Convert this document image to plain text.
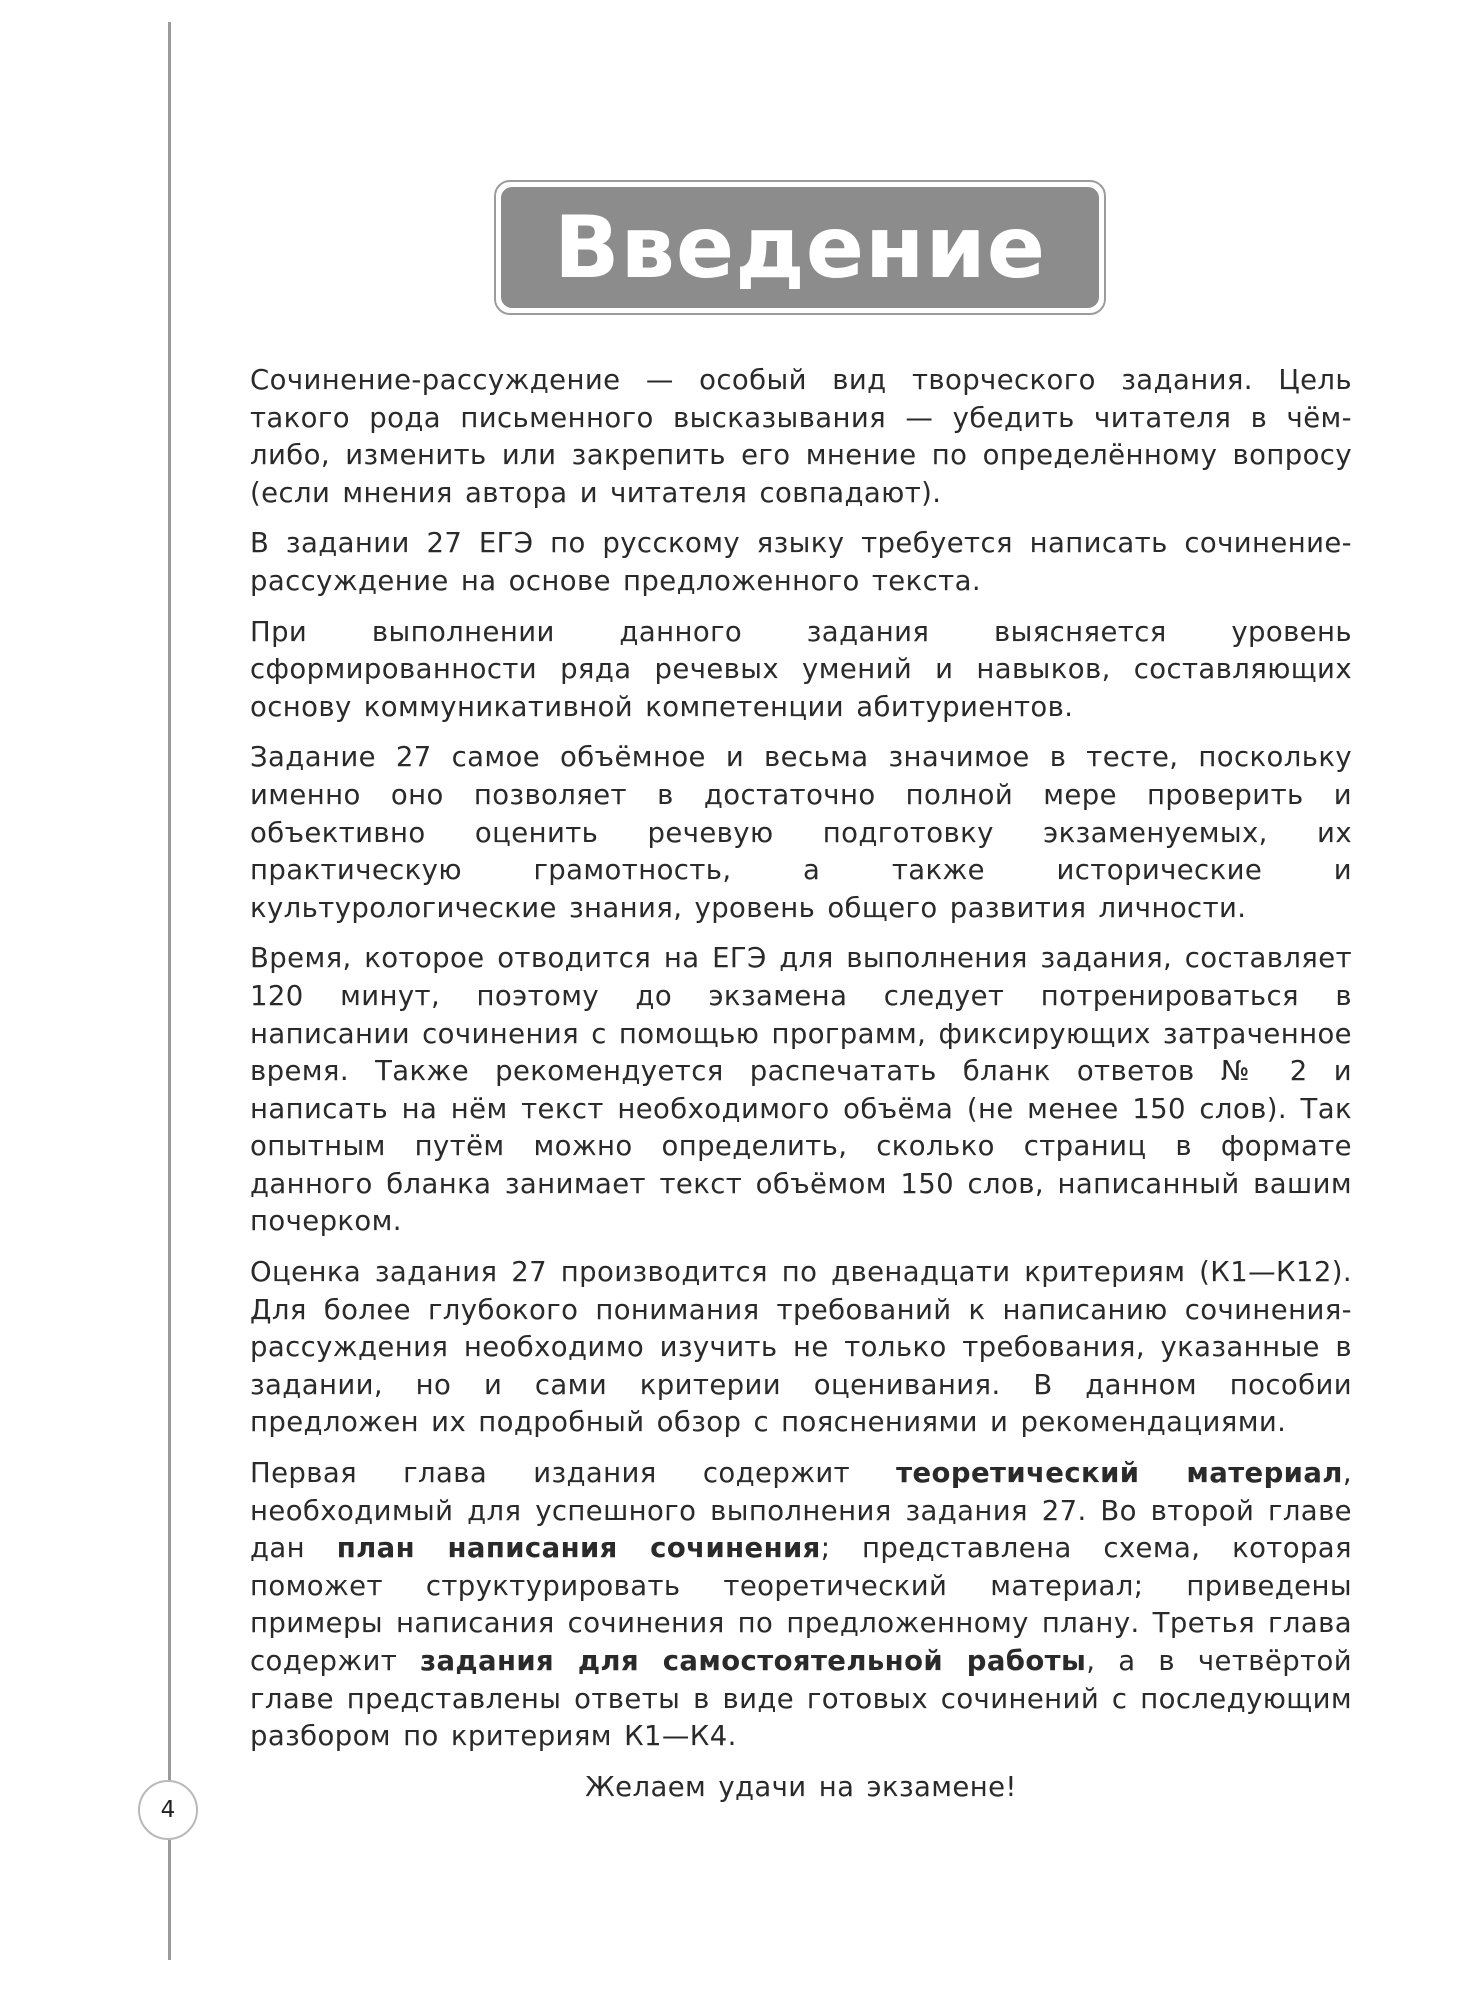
4
Введение

Сочинение-рассуждение — особый вид творческого задания. Цель такого рода письменного высказывания — убедить читателя в чём-либо, изменить или закрепить его мнение по определённому вопросу (если мнения автора и читателя совпадают).

В задании 27 ЕГЭ по русскому языку требуется написать сочинение-рассуждение на основе предложенного текста.

При выполнении данного задания выясняется уровень сформированности ряда речевых умений и навыков, составляющих основу коммуникативной компетенции абитуриентов.

Задание 27 самое объёмное и весьма значимое в тесте, поскольку именно оно позволяет в достаточно полной мере проверить и объективно оценить речевую подготовку экзаменуемых, их практическую грамотность, а также исторические и культурологические знания, уровень общего развития личности.

Время, которое отводится на ЕГЭ для выполнения задания, составляет 120 минут, поэтому до экзамена следует потренироваться в написании сочинения с помощью программ, фиксирующих затраченное время. Также рекомендуется распечатать бланк ответов № 2 и написать на нём текст необходимого объёма (не менее 150 слов). Так опытным путём можно определить, сколько страниц в формате данного бланка занимает текст объёмом 150 слов, написанный вашим почерком.

Оценка задания 27 производится по двенадцати критериям (К1—К12). Для более глубокого понимания требований к написанию сочинения-рассуждения необходимо изучить не только требования, указанные в задании, но и сами критерии оценивания. В данном пособии предложен их подробный обзор с пояснениями и рекомендациями.

Первая глава издания содержит теоретический материал, необходимый для успешного выполнения задания 27. Во второй главе дан план написания сочинения; представлена схема, которая поможет структурировать теоретический материал; приведены примеры написания сочинения по предложенному плану. Третья глава содержит задания для самостоятельной работы, а в четвёртой главе представлены ответы в виде готовых сочинений с последующим разбором по критериям К1—К4.

Желаем удачи на экзамене!
